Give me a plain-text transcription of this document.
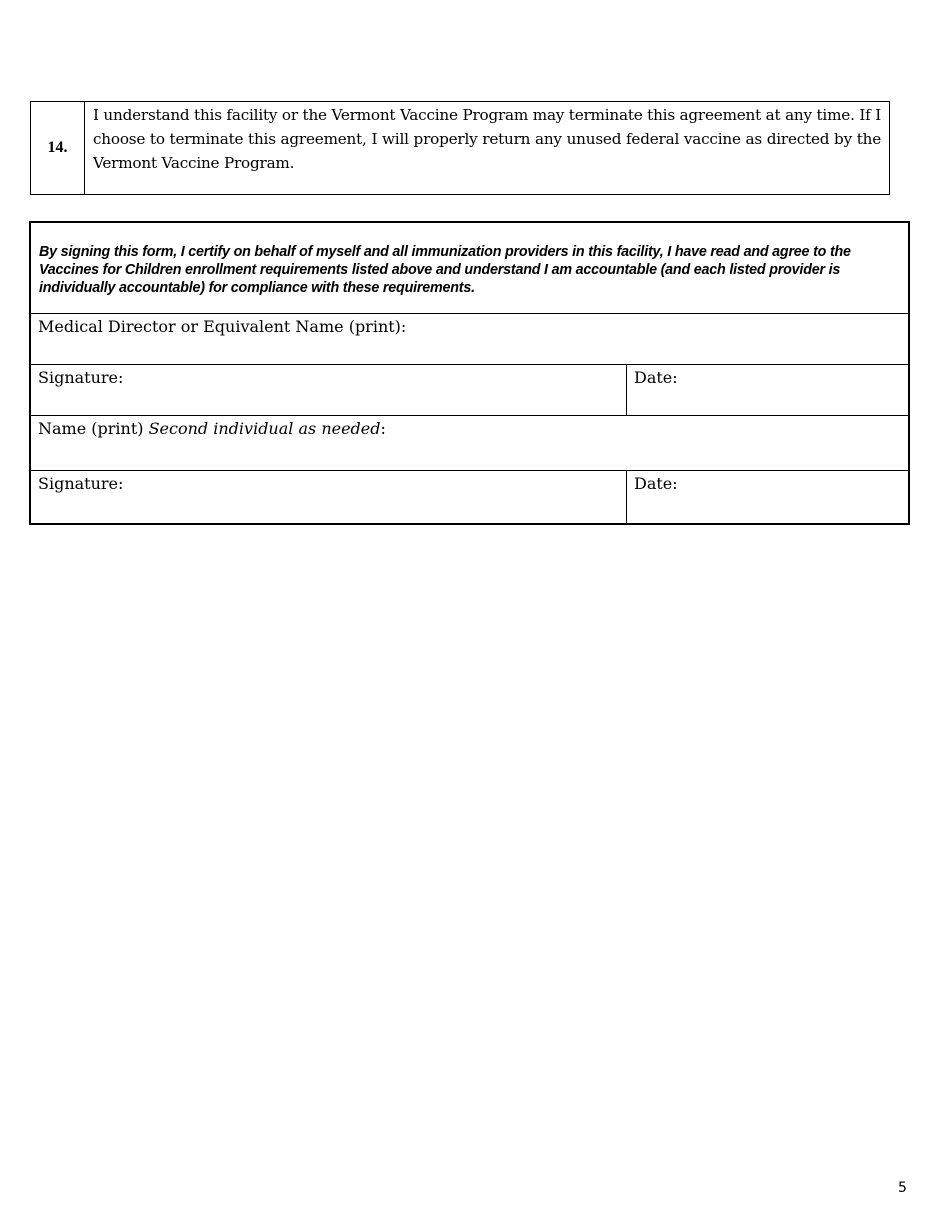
14.
I understand this facility or the Vermont Vaccine Program may terminate this agreement at any time. If I choose to terminate this agreement, I will properly return any unused federal vaccine as directed by the Vermont Vaccine Program.
By signing this form, I certify on behalf of myself and all immunization providers in this facility, I have read and agree to the Vaccines for Children enrollment requirements listed above and understand I am accountable (and each listed provider is individually accountable) for compliance with these requirements.
Medical Director or Equivalent Name (print):
Signature:	Date:
Name (print) Second individual as needed:
Signature:	Date:
5
